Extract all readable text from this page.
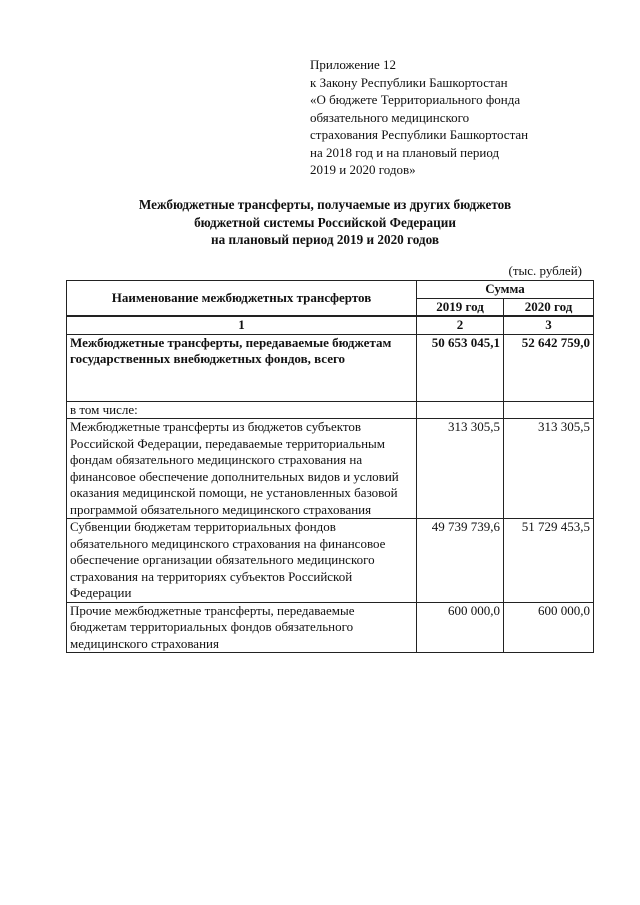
Приложение 12
к Закону Республики Башкортостан
«О бюджете Территориального фонда
обязательного медицинского
страхования Республики Башкортостан
на 2018 год и на плановый период
2019 и 2020 годов»
Межбюджетные трансферты, получаемые из других бюджетов
бюджетной системы Российской Федерации
на плановый период 2019 и 2020 годов
(тыс. рублей)
Наименование межбюджетных трансфертов	Сумма	
	2019 год	2020 год
1	2	3
Межбюджетные трансферты, передаваемые бюджетам государственных внебюджетных фондов, всего	50 653 045,1	52 642 759,0
в том числе:		
Межбюджетные трансферты из бюджетов субъектов Российской Федерации, передаваемые территориальным фондам обязательного медицинского страхования на финансовое обеспечение дополнительных видов и условий оказания медицинской помощи, не установленных базовой программой обязательного медицинского страхования	313 305,5	313 305,5
Субвенции бюджетам территориальных фондов обязательного медицинского страхования на финансовое обеспечение организации обязательного медицинского страхования на территориях субъектов Российской Федерации	49 739 739,6	51 729 453,5
Прочие межбюджетные трансферты, передаваемые бюджетам территориальных фондов обязательного медицинского страхования	600 000,0	600 000,0
